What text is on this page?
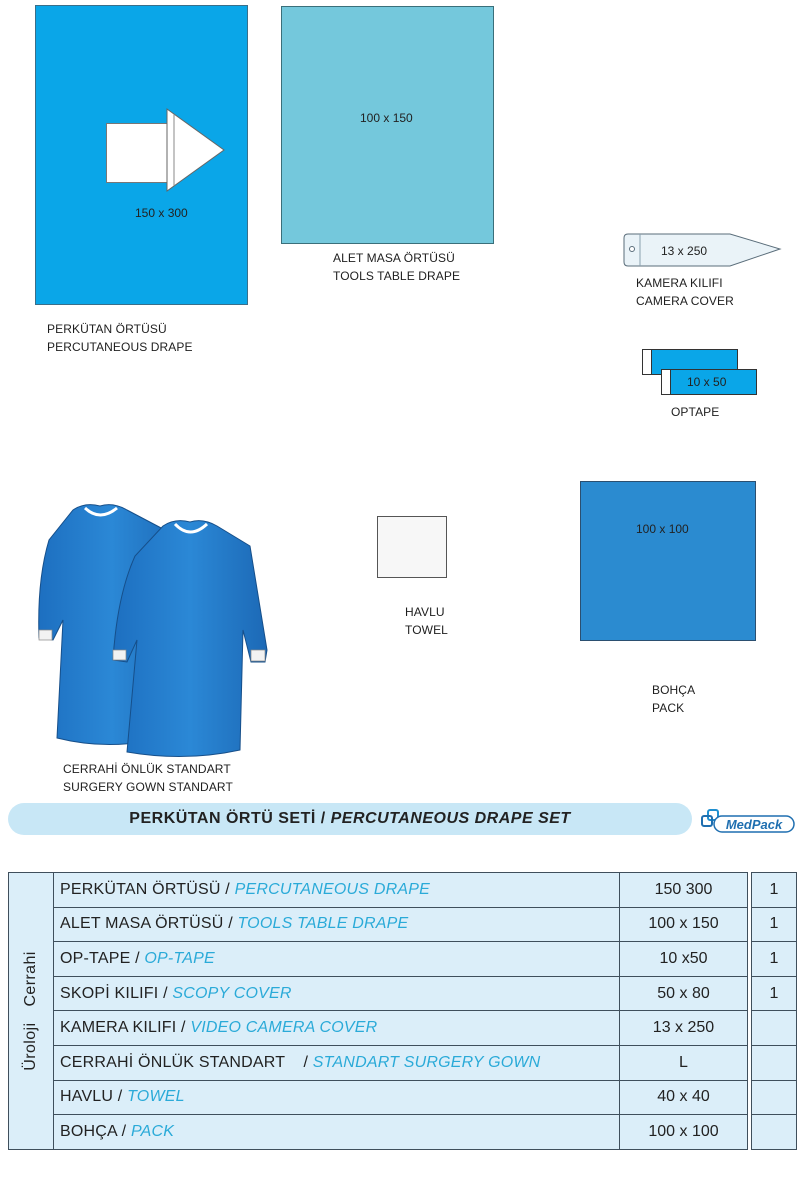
150 x 300
PERKÜTAN ÖRTÜSÜ
PERCUTANEOUS DRAPE
100 x 150
ALET MASA ÖRTÜSÜ
TOOLS TABLE DRAPE
13 x 250
KAMERA KILIFI
CAMERA COVER
10 x 50
OPTAPE
CERRAHİ ÖNLÜK STANDART
SURGERY GOWN STANDART
HAVLU
TOWEL
100 x 100
BOHÇA
PACK
PERKÜTAN ÖRTÜ SETİ / PERCUTANEOUS DRAPE SET	MedPack
ÜrolojiCerrahi	PERKÜTAN ÖRTÜSÜ / PERCUTANEOUS DRAPE	150 300		1
	ALET MASA ÖRTÜSÜ / TOOLS TABLE DRAPE	100 x 150		1
	OP-TAPE / OP-TAPE	10 x50		1
	SKOPİ KILIFI / SCOPY COVER	50 x 80		1
	KAMERA KILIFI / VIDEO CAMERA COVER	13 x 250		
	CERRAHİ ÖNLÜK STANDART    / STANDART SURGERY GOWN	L		
	HAVLU / TOWEL	40 x 40		
	BOHÇA / PACK	100 x 100		
